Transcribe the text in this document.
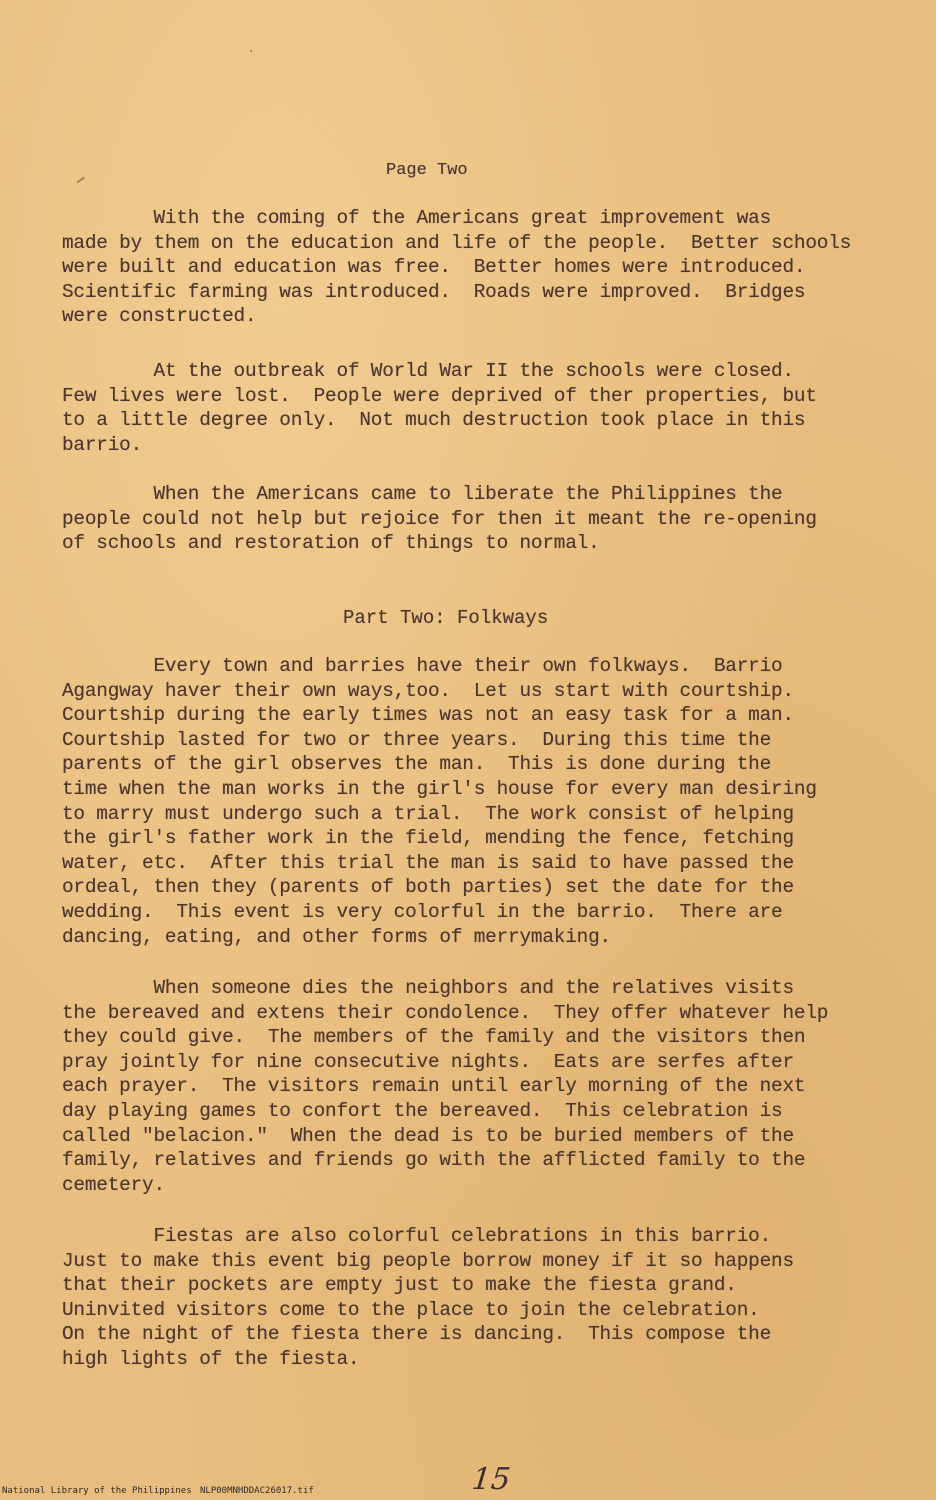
Page Two
With the coming of the Americans great improvement was
made by them on the education and life of the people.  Better schools
were built and education was free.  Better homes were introduced.
Scientific farming was introduced.  Roads were improved.  Bridges
were constructed.
At the outbreak of World War II the schools were closed.
Few lives were lost.  People were deprived of ther properties, but
to a little degree only.  Not much destruction took place in this
barrio.
When the Americans came to liberate the Philippines the
people could not help but rejoice for then it meant the re-opening
of schools and restoration of things to normal.
Part Two: Folkways
Every town and barries have their own folkways.  Barrio
Agangway haver their own ways,too.  Let us start with courtship.
Courtship during the early times was not an easy task for a man.
Courtship lasted for two or three years.  During this time the
parents of the girl observes the man.  This is done during the
time when the man works in the girl's house for every man desiring
to marry must undergo such a trial.  The work consist of helping
the girl's father work in the field, mending the fence, fetching
water, etc.  After this trial the man is said to have passed the
ordeal, then they (parents of both parties) set the date for the
wedding.  This event is very colorful in the barrio.  There are
dancing, eating, and other forms of merrymaking.
When someone dies the neighbors and the relatives visits
the bereaved and extens their condolence.  They offer whatever help
they could give.  The members of the family and the visitors then
pray jointly for nine consecutive nights.  Eats are serfes after
each prayer.  The visitors remain until early morning of the next
day playing games to confort the bereaved.  This celebration is
called "belacion."  When the dead is to be buried members of the
family, relatives and friends go with the afflicted family to the
cemetery.
Fiestas are also colorful celebrations in this barrio.
Just to make this event big people borrow money if it so happens
that their pockets are empty just to make the fiesta grand.
Uninvited visitors come to the place to join the celebration.
On the night of the fiesta there is dancing.  This compose the
high lights of the fiesta.
15
National Library of the Philippines NLP00MNHDDAC26017.tif
